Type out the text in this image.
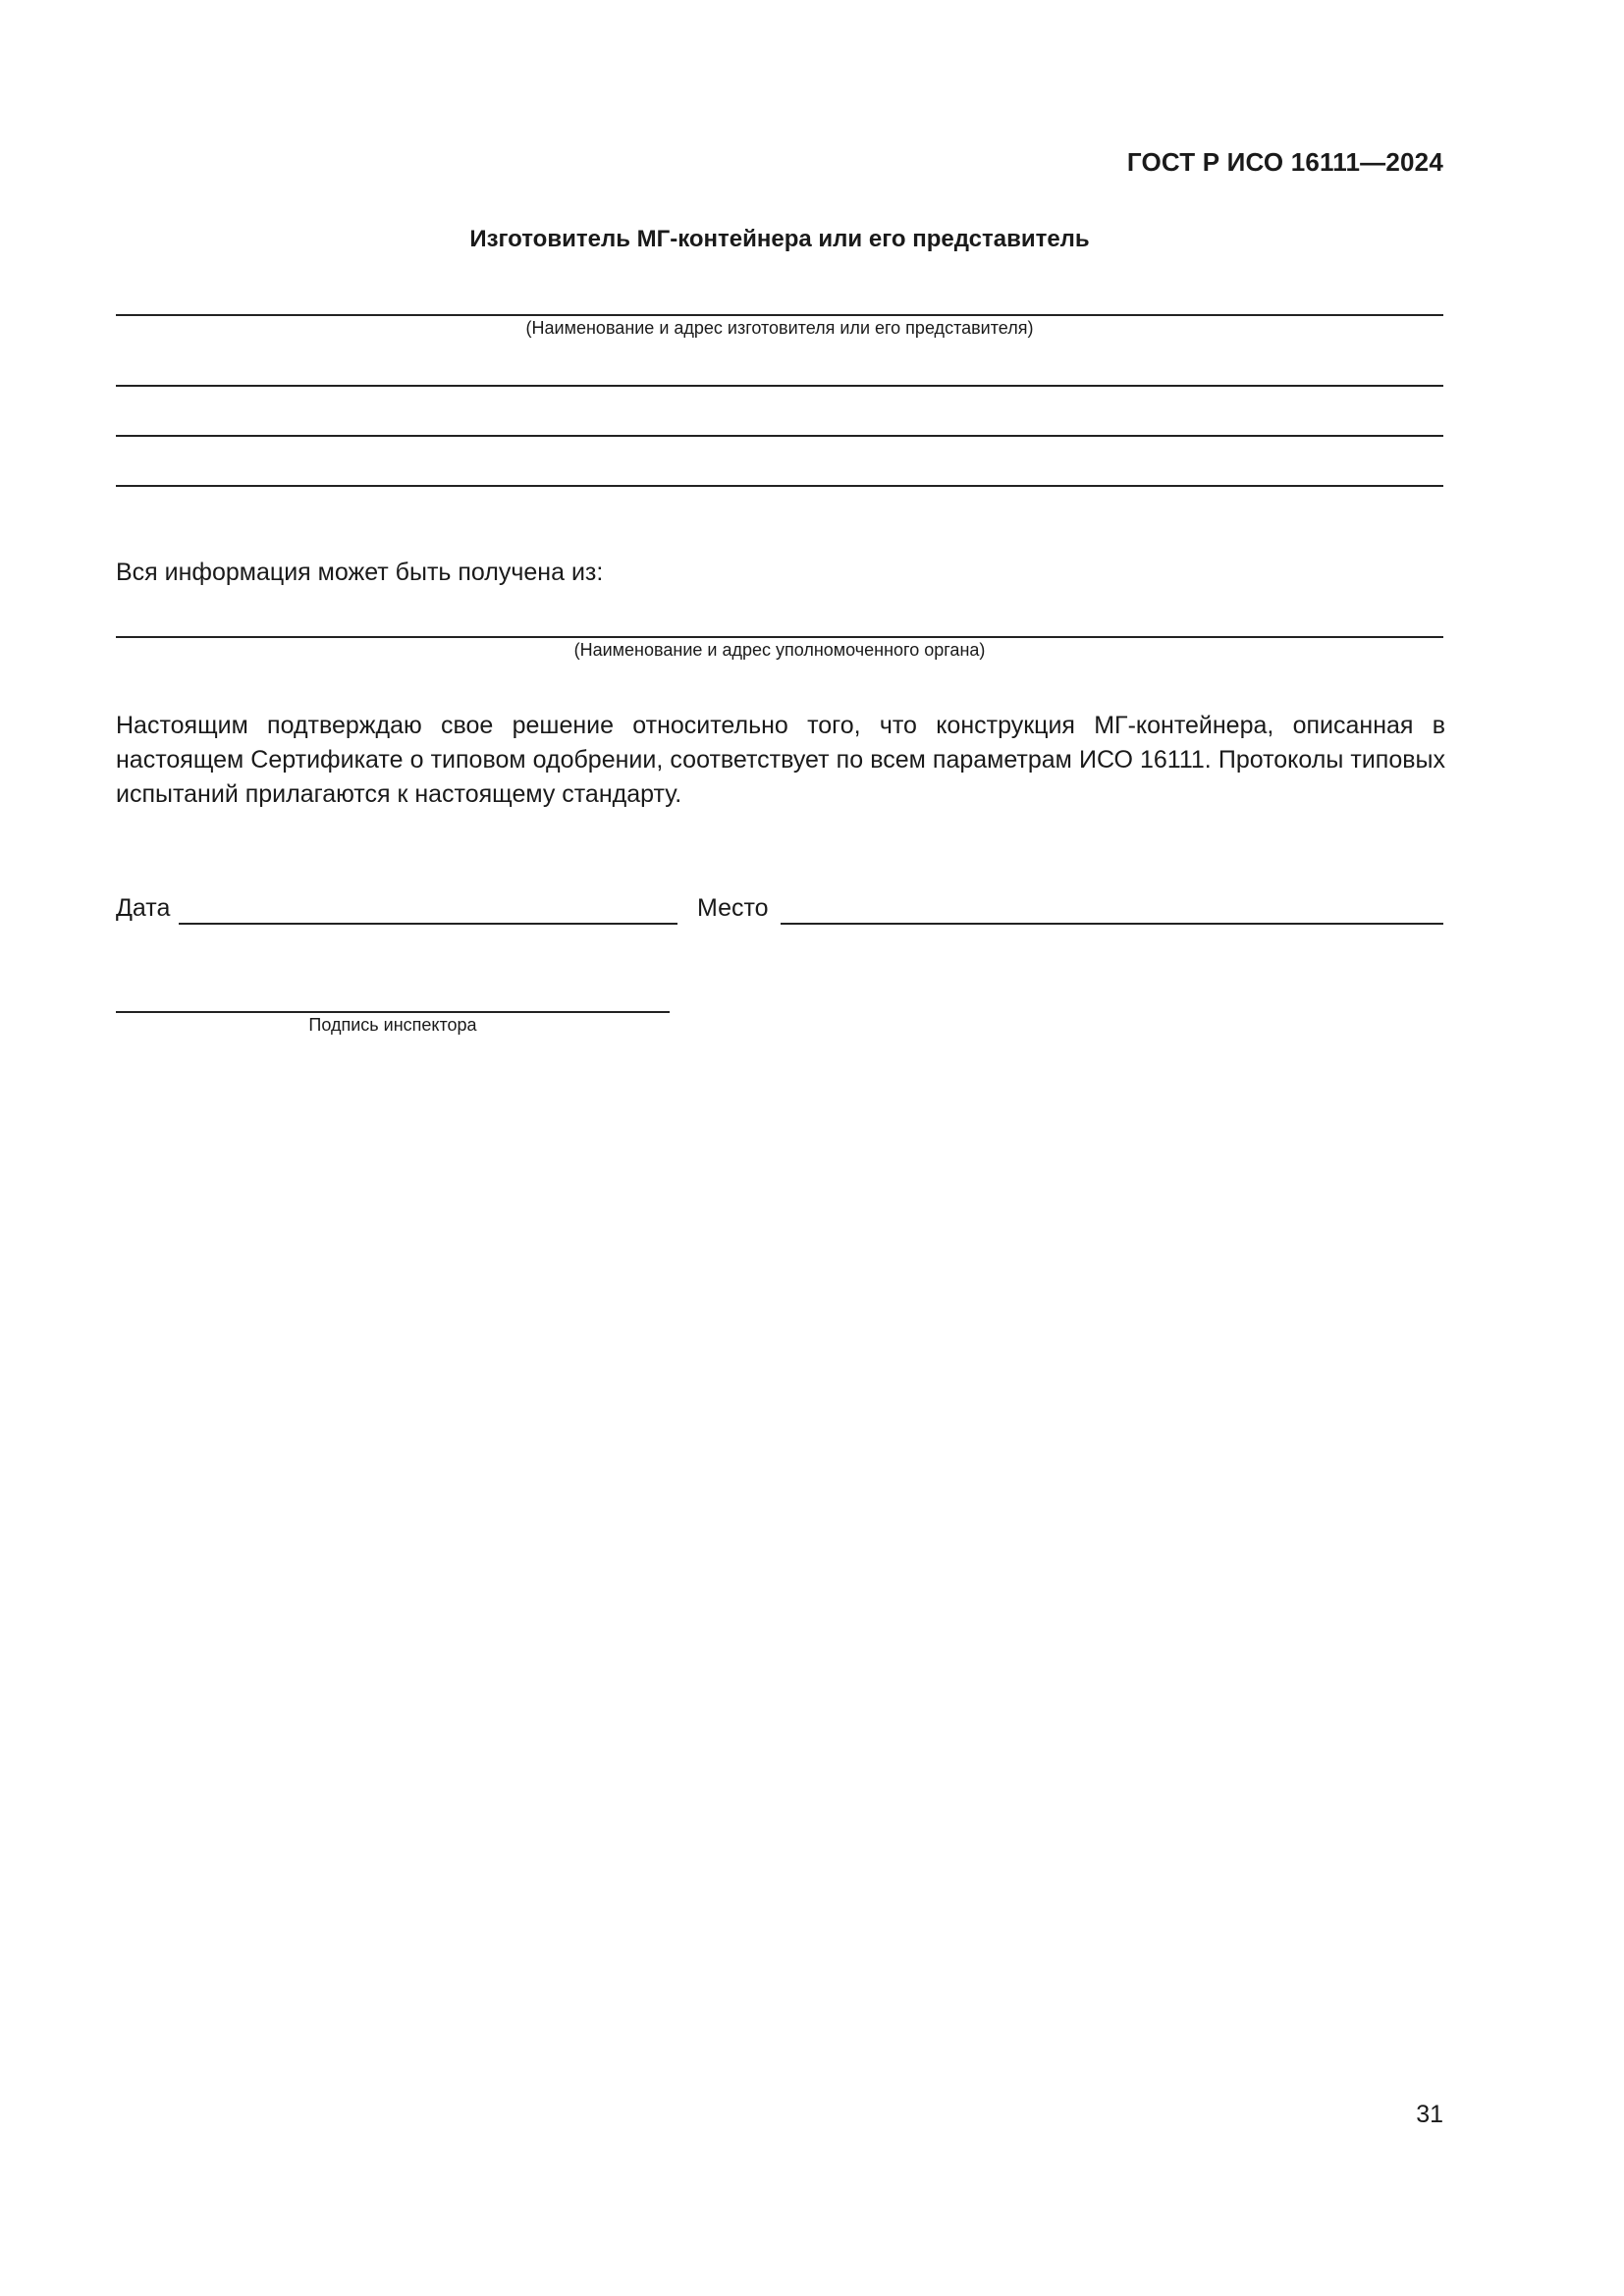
ГОСТ Р ИСО 16111—2024
Изготовитель МГ-контейнера или его представитель
(Наименование и адрес изготовителя или его представителя)
Вся информация может быть получена из:
(Наименование и адрес уполномоченного органа)
Настоящим подтверждаю свое решение относительно того, что конструкция МГ-контейнера, описанная в настоящем Сертификате о типовом одобрении, соответствует по всем параметрам ИСО 16111. Протоколы типовых испытаний прилагаются к настоящему стандарту.
Дата	Место
Подпись инспектора
31
